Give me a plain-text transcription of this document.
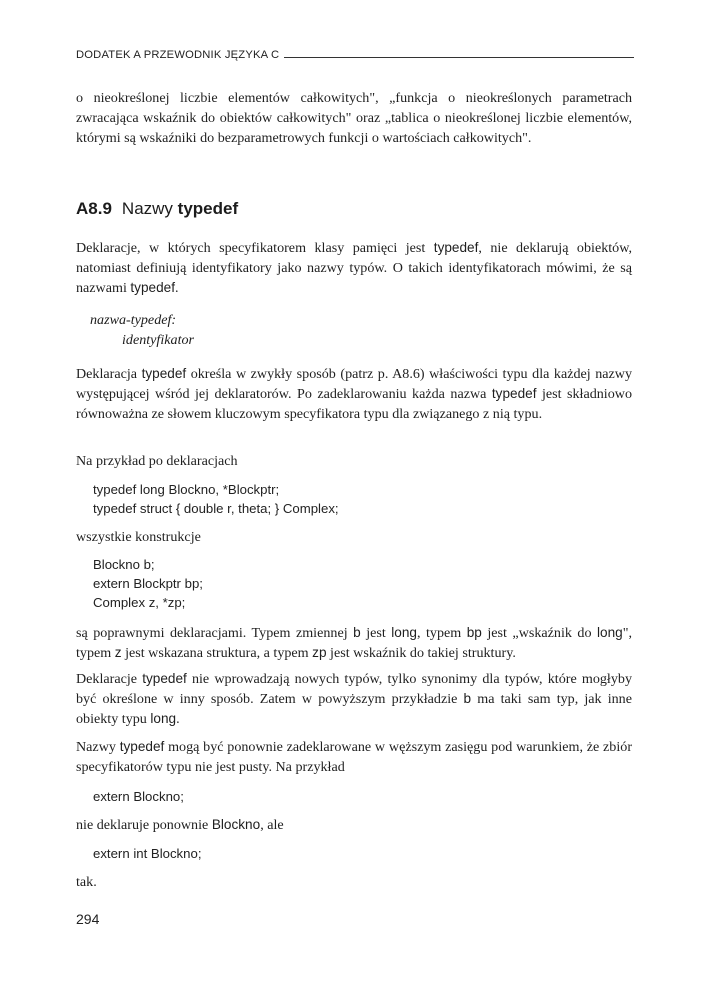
DODATEK A PRZEWODNIK JĘZYKA C

o nieokreślonej liczbie elementów całkowitych", „funkcja o nieokreślonych parametrach zwracająca wskaźnik do obiektów całkowitych" oraz „tablica o nieokreślonej liczbie elementów, którymi są wskaźniki do bezparametrowych funkcji o wartościach całkowitych".

A8.9 Nazwy typedef

Deklaracje, w których specyfikatorem klasy pamięci jest typedef, nie deklarują obiektów, natomiast definiują identyfikatory jako nazwy typów. O takich identyfikatorach mówimi, że są nazwami typedef.

nazwa-typedef:
identyfikator

Deklaracja typedef określa w zwykły sposób (patrz p. A8.6) właściwości typu dla każdej nazwy występującej wśród jej deklaratorów. Po zadeklarowaniu każda nazwa typedef jest składniowo równoważna ze słowem kluczowym specyfikatora typu dla związanego z nią typu.

Na przykład po deklaracjach

typedef long Blockno, *Blockptr;
typedef struct { double r, theta; } Complex;

wszystkie konstrukcje

Blockno b;
extern Blockptr bp;
Complex z, *zp;

są poprawnymi deklaracjami. Typem zmiennej b jest long, typem bp jest „wskaźnik do long", typem z jest wskazana struktura, a typem zp jest wskaźnik do takiej struktury.

Deklaracje typedef nie wprowadzają nowych typów, tylko synonimy dla typów, które mogłyby być określone w inny sposób. Zatem w powyższym przykładzie b ma taki sam typ, jak inne obiekty typu long.

Nazwy typedef mogą być ponownie zadeklarowane w węższym zasięgu pod warunkiem, że zbiór specyfikatorów typu nie jest pusty. Na przykład

extern Blockno;

nie deklaruje ponownie Blockno, ale

extern int Blockno;

tak.

294
